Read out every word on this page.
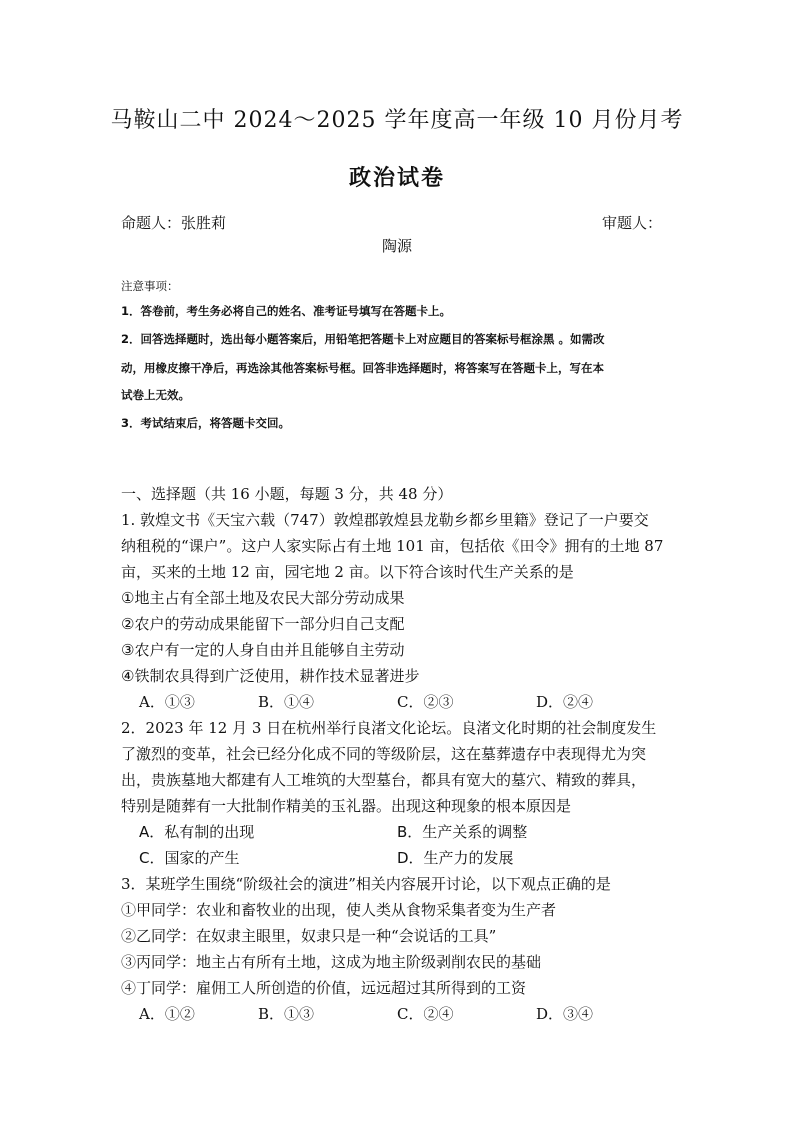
马鞍山二中 2024～2025 学年度高一年级 10 月份月考
政治试卷
命题人：张胜莉	审题人：
陶源
注意事项：
1．答卷前，考生务必将自己的姓名、准考证号填写在答题卡上。
2．回答选择题时，选出每小题答案后，用铅笔把答题卡上对应题目的答案标号框涂黑 。如需改
动，用橡皮擦干净后，再选涂其他答案标号框。回答非选择题时，将答案写在答题卡上，写在本
试卷上无效。
3．考试结束后，将答题卡交回。
一、选择题（共 16 小题，每题 3 分，共 48 分）
1. 敦煌文书《天宝六载（747）敦煌郡敦煌县龙勒乡都乡里籍》登记了一户要交
纳租税的“课户”。这户人家实际占有土地 101 亩，包括依《田令》拥有的土地 87
亩，买来的土地 12 亩，园宅地 2 亩。以下符合该时代生产关系的是
①地主占有全部土地及农民大部分劳动成果
②农户的劳动成果能留下一部分归自己支配
③农户有一定的人身自由并且能够自主劳动
④铁制农具得到广泛使用，耕作技术显著进步
A．①③	B．①④	C．②③	D．②④
2．2023 年 12 月 3 日在杭州举行良渚文化论坛。良渚文化时期的社会制度发生
了激烈的变革，社会已经分化成不同的等级阶层，这在墓葬遗存中表现得尤为突
出，贵族墓地大都建有人工堆筑的大型墓台，都具有宽大的墓穴、精致的葬具，
特别是随葬有一大批制作精美的玉礼器。出现这种现象的根本原因是
A．私有制的出现	B．生产关系的调整
C．国家的产生	D．生产力的发展
3．某班学生围绕“阶级社会的演进”相关内容展开讨论，以下观点正确的是
①甲同学：农业和畜牧业的出现，使人类从食物采集者变为生产者
②乙同学：在奴隶主眼里，奴隶只是一种“会说话的工具”
③丙同学：地主占有所有土地，这成为地主阶级剥削农民的基础
④丁同学：雇佣工人所创造的价值，远远超过其所得到的工资
A．①②	B．①③	C．②④	D．③④
